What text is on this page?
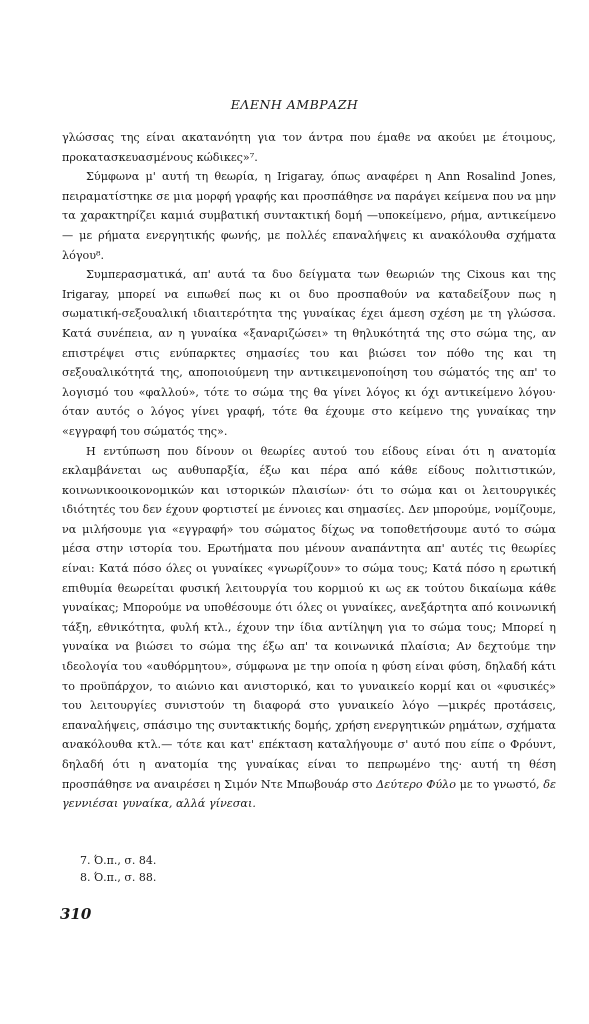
ΕΛΕΝΗ ΑΜΒΡΑΖΗ

γλώσσας της είναι ακατανόητη για τον άντρα που έμαθε να ακούει με έτοιμους, προκατασκευασμένους κώδικες»⁷.

Σύμφωνα μ' αυτή τη θεωρία, η Irigaray, όπως αναφέρει η Ann Rosalind Jones, πειραματίστηκε σε μια μορφή γραφής και προσπάθησε να παράγει κείμενα που να μην τα χαρακτηρίζει καμιά συμβατική συντακτική δομή —υποκείμενο, ρήμα, αντικείμενο— με ρήματα ενεργητικής φωνής, με πολλές επαναλήψεις κι ανακόλουθα σχήματα λόγου⁸.

Συμπερασματικά, απ' αυτά τα δυο δείγματα των θεωριών της Cixous και της Irigaray, μπορεί να ειπωθεί πως κι οι δυο προσπαθούν να καταδείξουν πως η σωματική-σεξουαλική ιδιαιτερότητα της γυναίκας έχει άμεση σχέση με τη γλώσσα. Κατά συνέπεια, αν η γυναίκα «ξαναριζώσει» τη θηλυκότητά της στο σώμα της, αν επιστρέψει στις ενύπαρκτες σημασίες του και βιώσει τον πόθο της και τη σεξουαλικότητά της, αποποιούμενη την αντικειμενοποίηση του σώματός της απ' το λογισμό του «φαλλού», τότε το σώμα της θα γίνει λόγος κι όχι αντικείμενο λόγου· όταν αυτός ο λόγος γίνει γραφή, τότε θα έχουμε στο κείμενο της γυναίκας την «εγγραφή του σώματός της».

Η εντύπωση που δίνουν οι θεωρίες αυτού του είδους είναι ότι η ανατομία εκλαμβάνεται ως αυθυπαρξία, έξω και πέρα από κάθε είδους πολιτιστικών, κοινωνικοοικονομικών και ιστορικών πλαισίων· ότι το σώμα και οι λειτουργικές ιδιότητές του δεν έχουν φορτιστεί με έννοιες και σημασίες. Δεν μπορούμε, νομίζουμε, να μιλήσουμε για «εγγραφή» του σώματος δίχως να τοποθετήσουμε αυτό το σώμα μέσα στην ιστορία του. Ερωτήματα που μένουν αναπάντητα απ' αυτές τις θεωρίες είναι: Κατά πόσο όλες οι γυναίκες «γνωρίζουν» το σώμα τους; Κατά πόσο η ερωτική επιθυμία θεωρείται φυσική λειτουργία του κορμιού κι ως εκ τούτου δικαίωμα κάθε γυναίκας; Μπορούμε να υποθέσουμε ότι όλες οι γυναίκες, ανεξάρτητα από κοινωνική τάξη, εθνικότητα, φυλή κτλ., έχουν την ίδια αντίληψη για το σώμα τους; Μπορεί η γυναίκα να βιώσει το σώμα της έξω απ' τα κοινωνικά πλαίσια; Αν δεχτούμε την ιδεολογία του «αυθόρμητου», σύμφωνα με την οποία η φύση είναι φύση, δηλαδή κάτι το προϋπάρχον, το αιώνιο και ανιστορικό, και το γυναικείο κορμί και οι «φυσικές» του λειτουργίες συνιστούν τη διαφορά στο γυναικείο λόγο —μικρές προτάσεις, επαναλήψεις, σπάσιμο της συντακτικής δομής, χρήση ενεργητικών ρημάτων, σχήματα ανακόλουθα κτλ.— τότε και κατ' επέκταση καταλήγουμε σ' αυτό που είπε ο Φρόυντ, δηλαδή ότι η ανατομία της γυναίκας είναι το πεπρωμένο της· αυτή τη θέση προσπάθησε να αναιρέσει η Σιμόν Ντε Μπωβουάρ στο Δεύτερο Φύλο με το γνωστό, δε γεννιέσαι γυναίκα, αλλά γίνεσαι.

7. Ό.π., σ. 84.
8. Ό.π., σ. 88.
310
